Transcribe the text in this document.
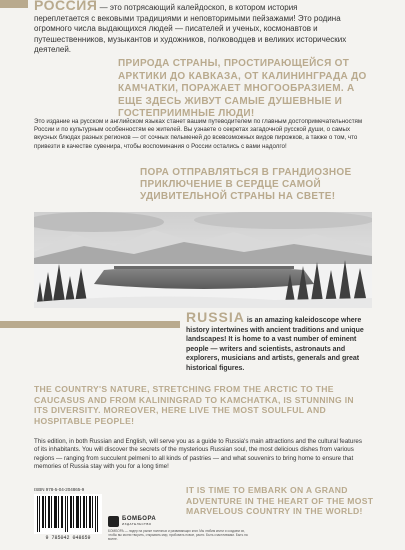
РОССИЯ — это потрясающий калейдоскоп, в котором история переплетается с вековыми традициями и неповторимыми пейзажами! Это родина огромного числа выдающихся людей — писателей и ученых, космонавтов и путешественников, музыкантов и художников, полководцев и великих исторических деятелей.
ПРИРОДА СТРАНЫ, ПРОСТИРАЮЩЕЙСЯ ОТ АРКТИКИ ДО КАВКАЗА, ОТ КАЛИНИНГРАДА ДО КАМЧАТКИ, ПОРАЖАЕТ МНОГООБРАЗИЕМ. А ЕЩЕ ЗДЕСЬ ЖИВУТ САМЫЕ ДУШЕВНЫЕ И ГОСТЕПРИИМНЫЕ ЛЮДИ!
Это издание на русском и английском языках станет вашим путеводителем по главным достопримечательностям России и по культурным особенностям ее жителей. Вы узнаете о секретах загадочной русской души, о самых вкусных блюдах разных регионов — от сочных пельменей до всевозможных видов пирожков, а также о том, что привезти в качестве сувенира, чтобы воспоминания о России остались с вами надолго!
ПОРА ОТПРАВЛЯТЬСЯ В ГРАНДИОЗНОЕ ПРИКЛЮЧЕНИЕ В СЕРДЦЕ САМОЙ УДИВИТЕЛЬНОЙ СТРАНЫ НА СВЕТЕ!
RUSSIA is an amazing kaleidoscope where history intertwines with ancient traditions and unique landscapes! It is home to a vast number of eminent people — writers and scientists, astronauts and explorers, musicians and artists, generals and great historical figures.
THE COUNTRY'S NATURE, STRETCHING FROM THE ARCTIC TO THE CAUCASUS AND FROM KALININGRAD TO KAMCHATKA, IS STUNNING IN ITS DIVERSITY. MOREOVER, HERE LIVE THE MOST SOULFUL AND HOSPITABLE PEOPLE!
This edition, in both Russian and English, will serve you as a guide to Russia's main attractions and the cultural features of its inhabitants. You will discover the secrets of the mysterious Russian soul, the most delicious dishes from various regions — ranging from succulent pelmeni to all kinds of pastries — and what souvenirs to bring home to ensure that memories of Russia stay with you for a long time!
IT IS TIME TO EMBARK ON A GRAND ADVENTURE IN THE HEART OF THE MOST MARVELOUS COUNTRY IN THE WORLD!
ISBN 978-5-04-204865-9
9 785042 048659
БОМБОРА
ИЗДАТЕЛЬСТВО
БОМБОРА — лидер на рынке полезных и развивающих книг. Мы любим книги и создаем их, чтобы вы могли творить, открывать мир, пробовать новое, расти. Быть счастливыми. Быть на волне.
